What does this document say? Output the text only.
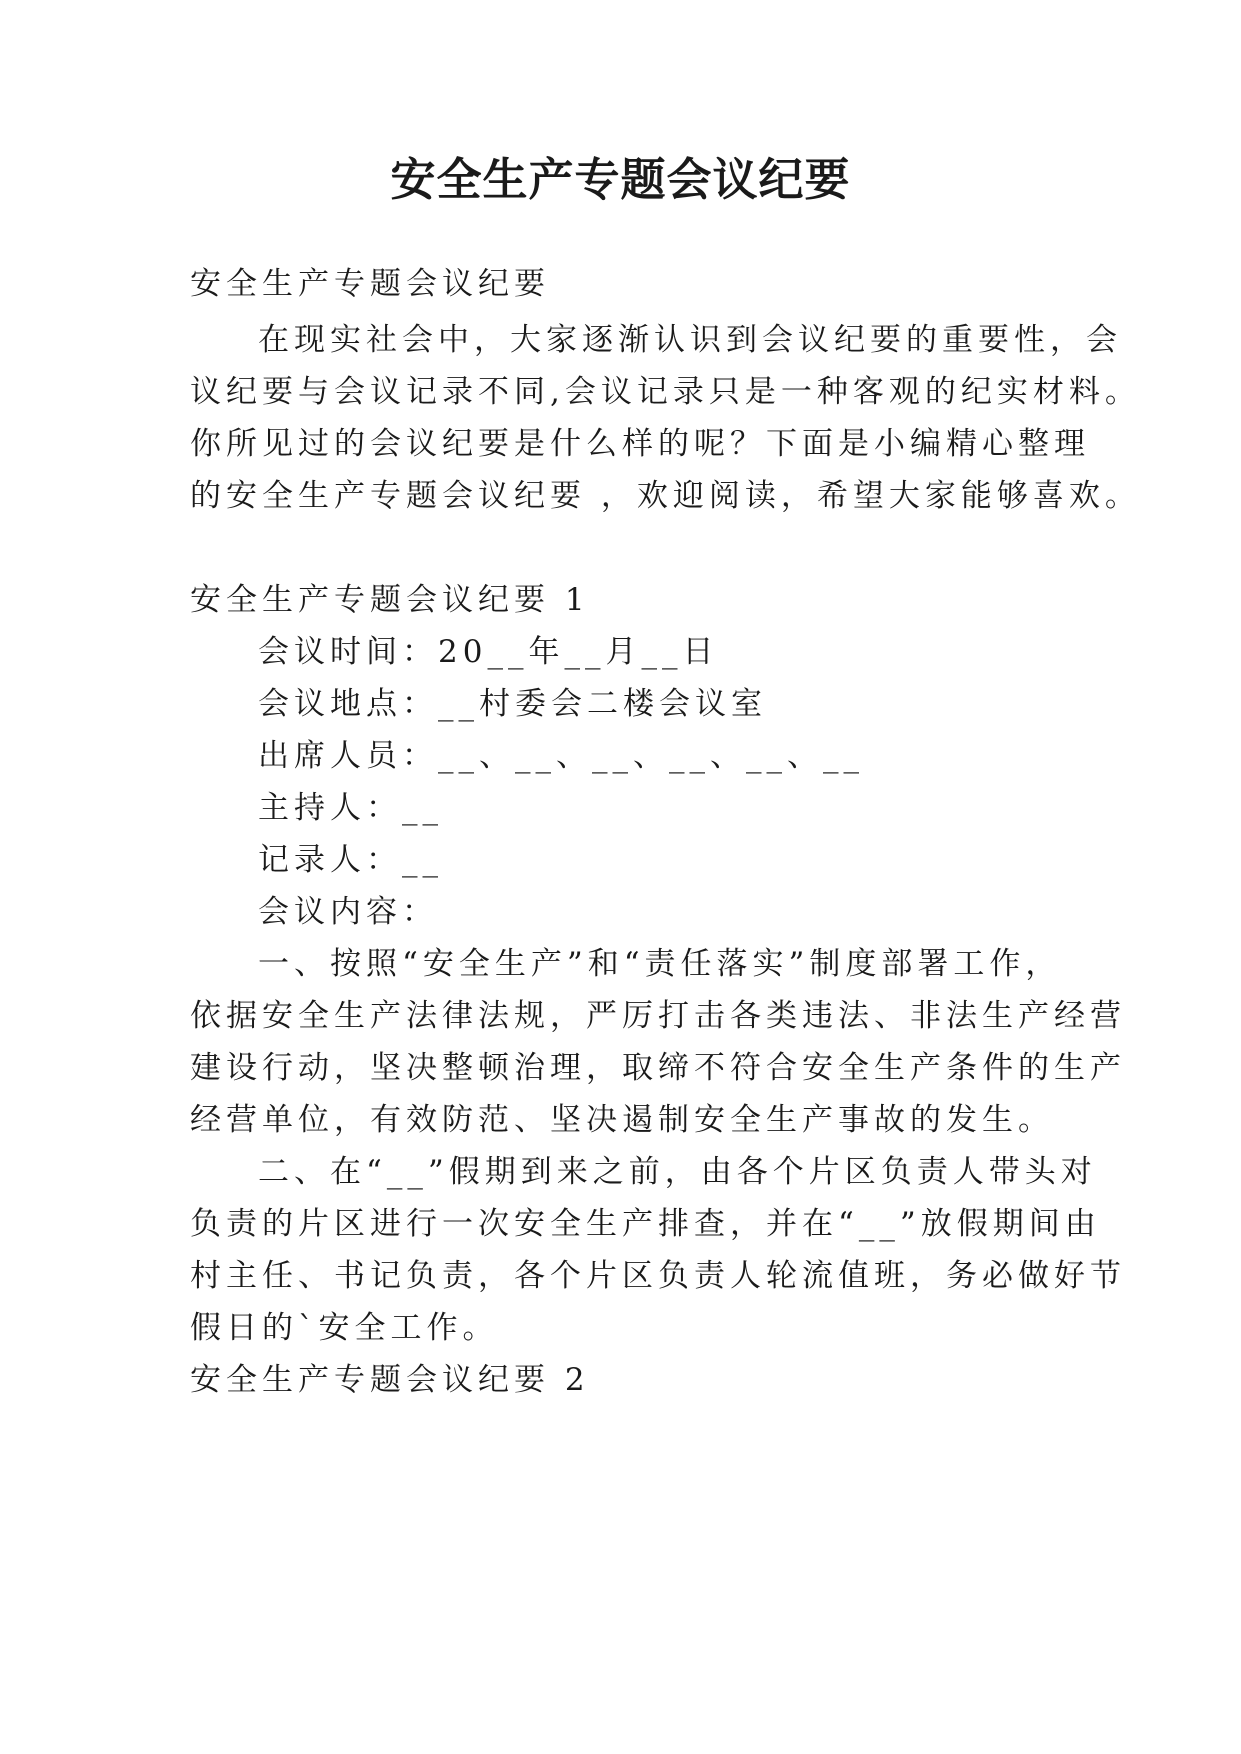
安全生产专题会议纪要
安全生产专题会议纪要
在现实社会中，大家逐渐认识到会议纪要的重要性，会
议纪要与会议记录不同,会议记录只是一种客观的纪实材料。
你所见过的会议纪要是什么样的呢？下面是小编精心整理
的安全生产专题会议纪要 ，欢迎阅读，希望大家能够喜欢。
安全生产专题会议纪要 1
会议时间：20__年__月__日
会议地点：__村委会二楼会议室
出席人员：__、__、__、__、__、__
主持人：__
记录人：__
会议内容：
一、按照“安全生产”和“责任落实”制度部署工作，
依据安全生产法律法规，严厉打击各类违法、非法生产经营
建设行动，坚决整顿治理，取缔不符合安全生产条件的生产
经营单位，有效防范、坚决遏制安全生产事故的发生。
二、在“__”假期到来之前，由各个片区负责人带头对
负责的片区进行一次安全生产排查，并在“__”放假期间由
村主任、书记负责，各个片区负责人轮流值班，务必做好节
假日的`安全工作。
安全生产专题会议纪要 2
